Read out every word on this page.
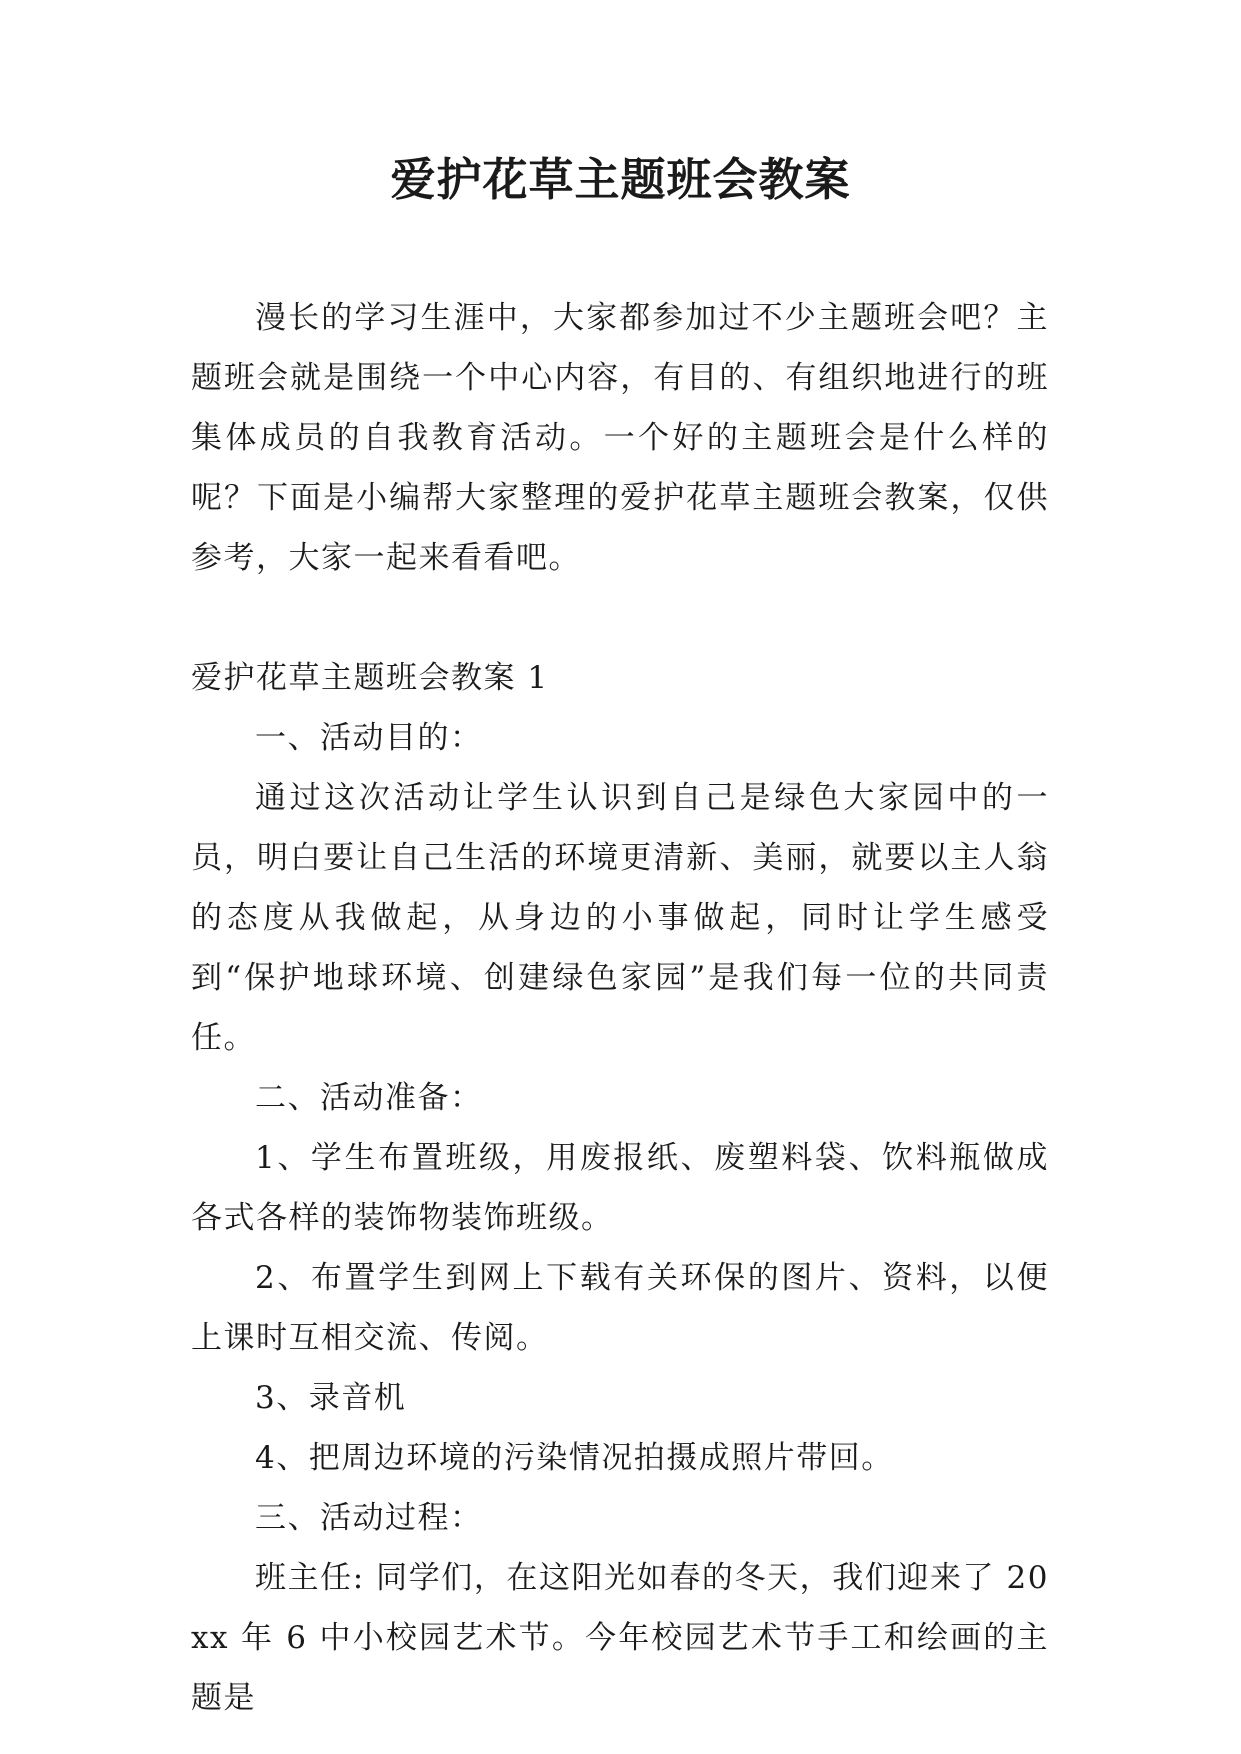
爱护花草主题班会教案

漫长的学习生涯中，大家都参加过不少主题班会吧？主题班会就是围绕一个中心内容，有目的、有组织地进行的班集体成员的自我教育活动。一个好的主题班会是什么样的呢？下面是小编帮大家整理的爱护花草主题班会教案，仅供参考，大家一起来看看吧。

爱护花草主题班会教案 1

一、活动目的：

通过这次活动让学生认识到自己是绿色大家园中的一员，明白要让自己生活的环境更清新、美丽，就要以主人翁的态度从我做起，从身边的小事做起，同时让学生感受到“保护地球环境、创建绿色家园”是我们每一位的共同责任。

二、活动准备：

1、学生布置班级，用废报纸、废塑料袋、饮料瓶做成各式各样的装饰物装饰班级。

2、布置学生到网上下载有关环保的图片、资料，以便上课时互相交流、传阅。

3、录音机

4、把周边环境的污染情况拍摄成照片带回。

三、活动过程：

班主任: 同学们，在这阳光如春的冬天，我们迎来了 20xx 年 6 中小校园艺术节。今年校园艺术节手工和绘画的主题是
